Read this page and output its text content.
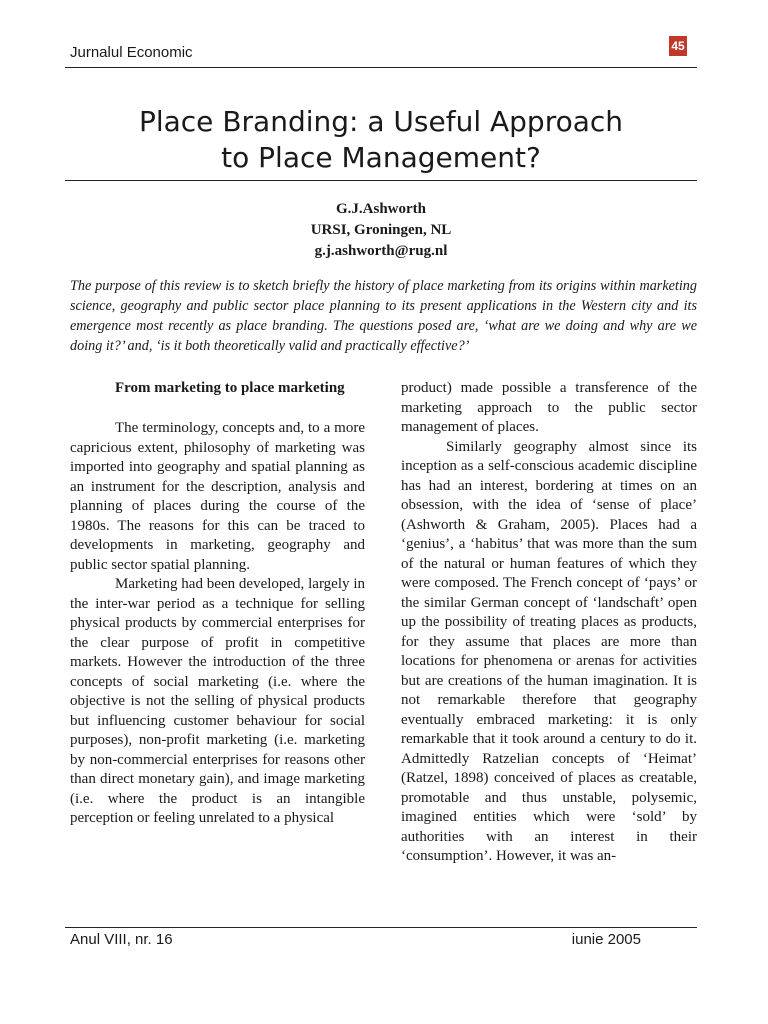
Jurnalul Economic	45
Place Branding: a Useful Approach
to Place Management?
G.J.Ashworth
URSI, Groningen, NL
g.j.ashworth@rug.nl

The purpose of this review is to sketch briefly the history of place marketing from its origins within marketing science, geography and public sector place planning to its present applications in the Western city and its emergence most recently as place branding. The questions posed are, ‘what are we doing and why are we doing it?’ and, ‘is it both theoretically valid and practically effective?’

From marketing to place marketing

The terminology, concepts and, to a more capricious extent, philosophy of marketing was imported into geography and spatial planning as an instrument for the description, analysis and planning of places during the course of the 1980s. The reasons for this can be traced to developments in marketing, geography and public sector spatial planning.

Marketing had been developed, largely in the inter-war period as a technique for selling physical products by commercial enterprises for the clear purpose of profit in competitive markets. However the introduction of the three concepts of social marketing (i.e. where the objective is not the selling of physical products but influencing customer behaviour for social purposes), non-profit marketing (i.e. marketing by non-commercial enterprises for reasons other than direct monetary gain), and image marketing (i.e. where the product is an intangible perception or feeling unrelated to a physical

product) made possible a transference of the marketing approach to the public sector management of places.

Similarly geography almost since its inception as a self-conscious academic discipline has had an interest, bordering at times on an obsession, with the idea of ‘sense of place’ (Ashworth & Graham, 2005). Places had a ‘genius’, a ‘habitus’ that was more than the sum of the natural or human features of which they were composed. The French concept of ‘pays’ or the similar German concept of ‘landschaft’ open up the possibility of treating places as products, for they assume that places are more than locations for phenomena or arenas for activities but are creations of the human imagination. It is not remarkable therefore that geography eventually embraced marketing: it is only remarkable that it took around a century to do it. Admittedly Ratzelian concepts of ‘Heimat’ (Ratzel, 1898) conceived of places as creatable, promotable and thus unstable, polysemic, imagined entities which were ‘sold’ by authorities with an interest in their ‘consumption’. However, it was an-

Anul VIII, nr. 16	iunie 2005
